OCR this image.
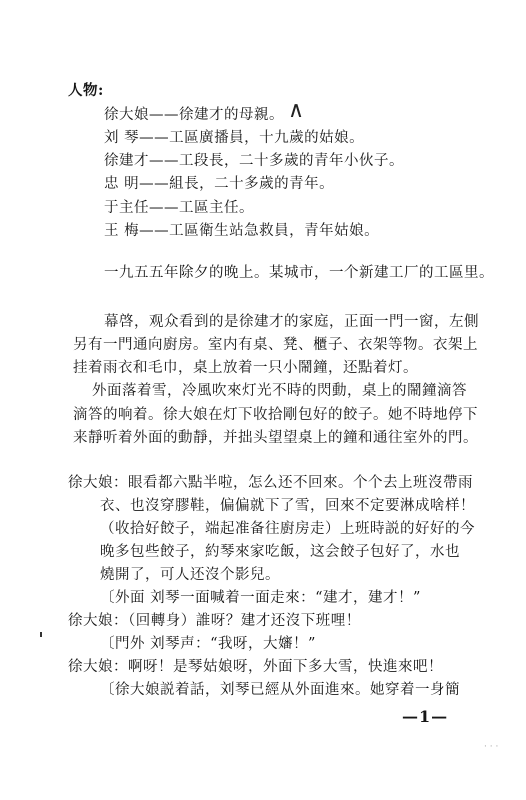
人物:
徐大娘——徐建才的母親。 ∧
刘 琴——工區廣播員，十九歲的姑娘。
徐建才——工段長，二十多歲的青年小伙子。
忠 明——組長，二十多歲的青年。
于主任——工區主任。
王 梅——工區衛生站急救員，青年姑娘。
一九五五年除夕的晚上。某城市，一个新建工厂的工區里。
幕啓，观众看到的是徐建才的家庭，正面一門一窗，左側
另有一門通向廚房。室内有桌、凳、櫃子、衣架等物。衣架上
挂着雨衣和毛巾，桌上放着一只小鬧鐘，还點着灯。
外面落着雪，冷風吹來灯光不時的閃動，桌上的鬧鐘滴答
滴答的响着。徐大娘在灯下收拾剛包好的餃子。她不時地停下
来靜听着外面的動靜，并拙头望望桌上的鐘和通往室外的門。
徐大娘：眼看都六點半啦，怎么还不回來。个个去上班沒帶雨
衣、也沒穿膠鞋，偏偏就下了雪，回來不定要淋成啥样！
（收拾好餃子，端起准备往廚房走）上班時説的好好的今
晚多包些餃子，約琴來家吃飯，这会餃子包好了，水也
燒開了，可人还沒个影兒。
〔外面 刘琴一面喊着一面走來：“建才，建才！”
徐大娘：（回轉身）誰呀？建才还沒下班哩！
〔門外 刘琴声：“我呀，大嬸！”
徐大娘：啊呀！是琴姑娘呀，外面下多大雪，快進來吧！
〔徐大娘説着話，刘琴已經从外面進來。她穿着一身簡
· · ·
—1—
